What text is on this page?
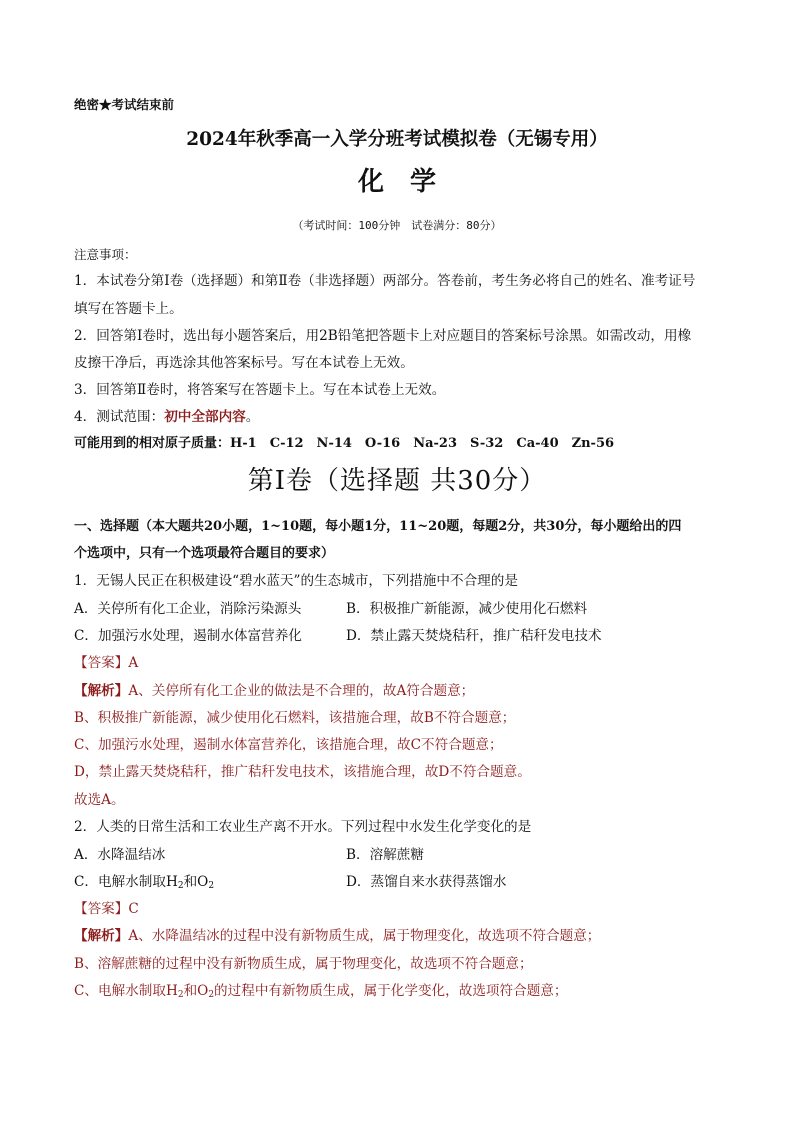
绝密★考试结束前
2024年秋季高一入学分班考试模拟卷（无锡专用）
化学
（考试时间：100分钟　试卷满分：80分）
注意事项：
1．本试卷分第Ⅰ卷（选择题）和第Ⅱ卷（非选择题）两部分。答卷前，考生务必将自己的姓名、准考证号
填写在答题卡上。
2．回答第Ⅰ卷时，选出每小题答案后，用2B铅笔把答题卡上对应题目的答案标号涂黑。如需改动，用橡
皮擦干净后，再选涂其他答案标号。写在本试卷上无效。
3．回答第Ⅱ卷时，将答案写在答题卡上。写在本试卷上无效。
4．测试范围：初中全部内容。
可能用到的相对原子质量：H-1　C-12　N-14　O-16　Na-23　S-32　Ca-40　Zn-56
第Ⅰ卷（选择题 共30分）
一、选择题（本大题共20小题，1~10题，每小题1分，11~20题，每题2分，共30分，每小题给出的四
个选项中，只有一个选项最符合题目的要求）
1．无锡人民正在积极建设“碧水蓝天”的生态城市，下列措施中不合理的是
A．关停所有化工企业，消除污染源头	B．积极推广新能源，减少使用化石燃料
C．加强污水处理，遏制水体富营养化	D．禁止露天焚烧秸秆，推广秸秆发电技术
【答案】A
【解析】A、关停所有化工企业的做法是不合理的，故A符合题意；
B、积极推广新能源，减少使用化石燃料，该措施合理，故B不符合题意；
C、加强污水处理，遏制水体富营养化，该措施合理，故C不符合题意；
D，禁止露天焚烧秸秆，推广秸秆发电技术，该措施合理，故D不符合题意。
故选A。
2．人类的日常生活和工农业生产离不开水。下列过程中水发生化学变化的是
A．水降温结冰	B．溶解蔗糖
C．电解水制取$H_2$和$O_2$	D．蒸馏自来水获得蒸馏水
【答案】C
【解析】A、水降温结冰的过程中没有新物质生成，属于物理变化，故选项不符合题意；
B、溶解蔗糖的过程中没有新物质生成，属于物理变化，故选项不符合题意；
C、电解水制取$H_2$和$O_2$的过程中有新物质生成，属于化学变化，故选项符合题意；
